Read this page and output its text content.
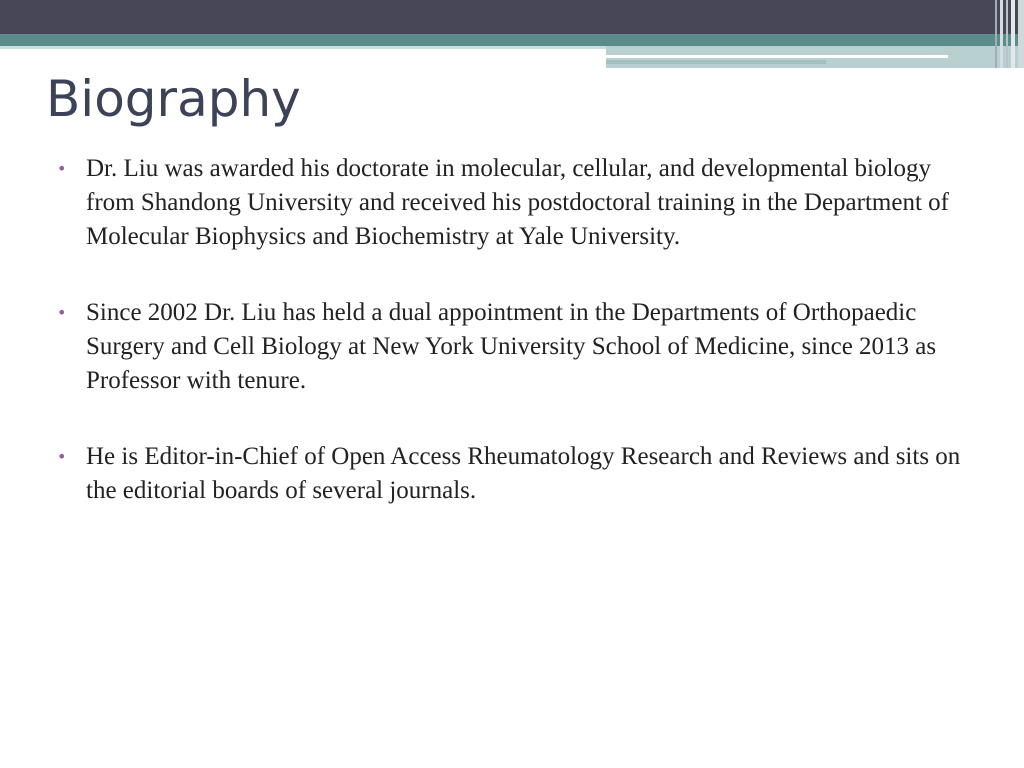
Biography
• Dr. Liu was awarded his doctorate in molecular, cellular, and developmental biology from Shandong University and received his postdoctoral training in the Department of Molecular Biophysics and Biochemistry at Yale University.
• Since 2002 Dr. Liu has held a dual appointment in the Departments of Orthopaedic Surgery and Cell Biology at New York University School of Medicine, since 2013 as Professor with tenure.
• He is Editor-in-Chief of Open Access Rheumatology Research and Reviews and sits on the editorial boards of several journals.
